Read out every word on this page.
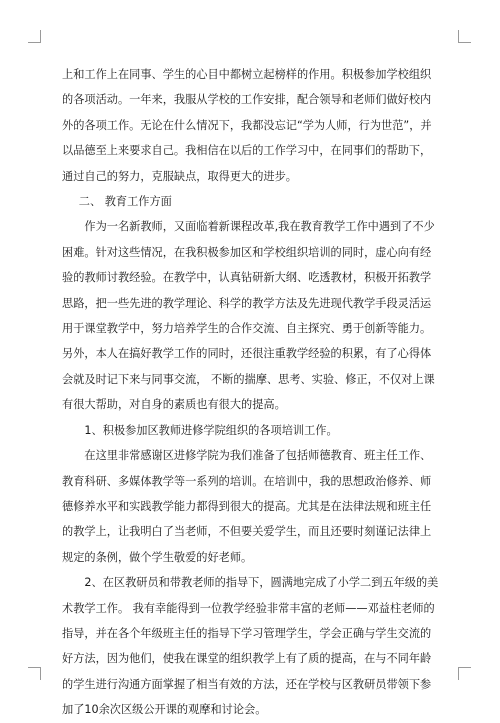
上和工作上在同事、学生的心目中都树立起榜样的作用。积极参加学校组织的各项活动。一年来，我服从学校的工作安排，配合领导和老师们做好校内外的各项工作。无论在什么情况下，我都没忘记“学为人师，行为世范”，并以品德至上来要求自己。我相信在以后的工作学习中，在同事们的帮助下，通过自己的努力，克服缺点，取得更大的进步。

二、 教育工作方面

作为一名新教师，又面临着新课程改革,我在教育教学工作中遇到了不少困难。针对这些情况，在我积极参加区和学校组织培训的同时，虚心向有经验的教师讨教经验。在教学中，认真钻研新大纲、吃透教材，积极开拓教学思路，把一些先进的教学理论、科学的教学方法及先进现代教学手段灵活运用于课堂教学中，努力培养学生的合作交流、自主探究、勇于创新等能力。另外，本人在搞好教学工作的同时，还很注重教学经验的积累，有了心得体会就及时记下来与同事交流， 不断的揣摩、思考、实验、修正，不仅对上课有很大帮助，对自身的素质也有很大的提高。

1、积极参加区教师进修学院组织的各项培训工作。

在这里非常感谢区进修学院为我们准备了包括师德教育、班主任工作、教育科研、多媒体教学等一系列的培训。在培训中，我的思想政治修养、师德修养水平和实践教学能力都得到很大的提高。尤其是在法律法规和班主任的教学上，让我明白了当老师，不但要关爱学生，而且还要时刻谨记法律上规定的条例，做个学生敬爱的好老师。

2、在区教研员和带教老师的指导下，圆满地完成了小学二到五年级的美术教学工作。 我有幸能得到一位教学经验非常丰富的老师——邓益柱老师的指导，并在各个年级班主任的指导下学习管理学生，学会正确与学生交流的好方法，因为他们，使我在课堂的组织教学上有了质的提高，在与不同年龄的学生进行沟通方面掌握了相当有效的方法，还在学校与区教研员带领下参加了10余次区级公开课的观摩和讨论会。
